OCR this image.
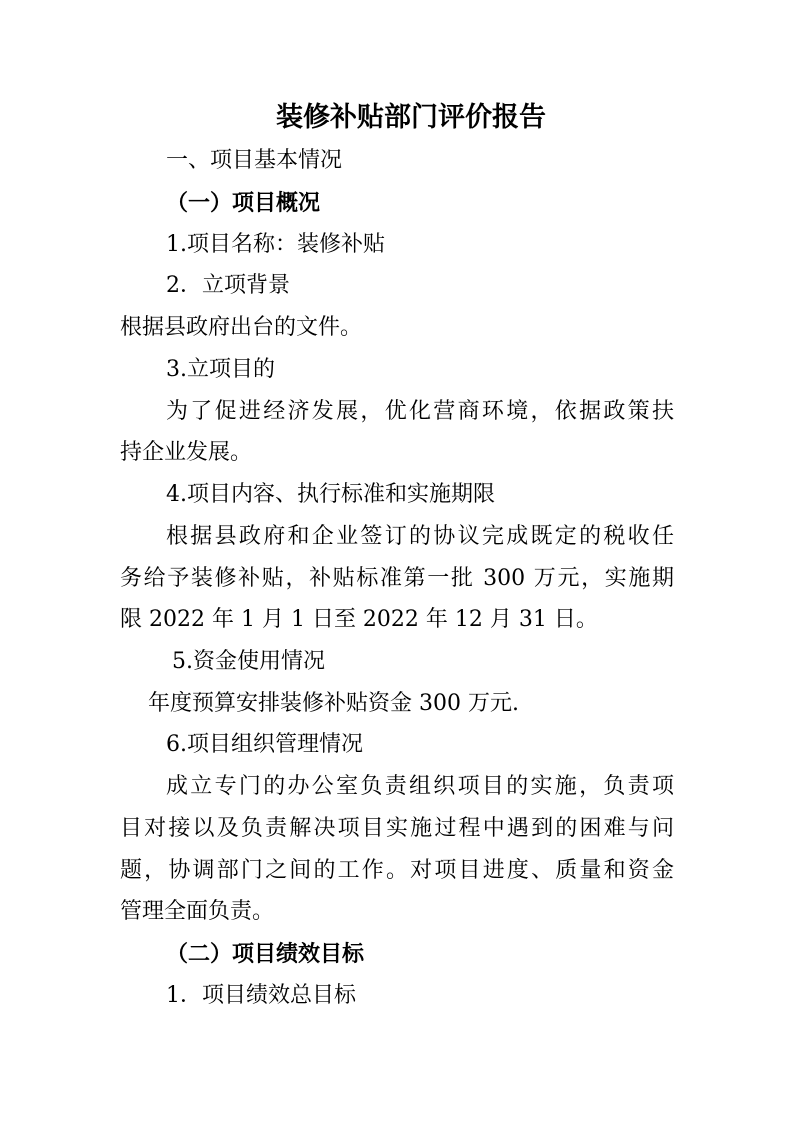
装修补贴部门评价报告
一、项目基本情况
（一）项目概况
1.项目名称：装修补贴
2．立项背景
根据县政府出台的文件。
3.立项目的
为了促进经济发展，优化营商环境，依据政策扶
持企业发展。
4.项目内容、执行标准和实施期限
根据县政府和企业签订的协议完成既定的税收任
务给予装修补贴，补贴标准第一批 300 万元，实施期
限 2022 年 1 月 1 日至 2022 年 12 月 31 日。
5.资金使用情况
年度预算安排装修补贴资金 300 万元.
6.项目组织管理情况
成立专门的办公室负责组织项目的实施，负责项
目对接以及负责解决项目实施过程中遇到的困难与问
题，协调部门之间的工作。对项目进度、质量和资金
管理全面负责。
（二）项目绩效目标
1．项目绩效总目标
